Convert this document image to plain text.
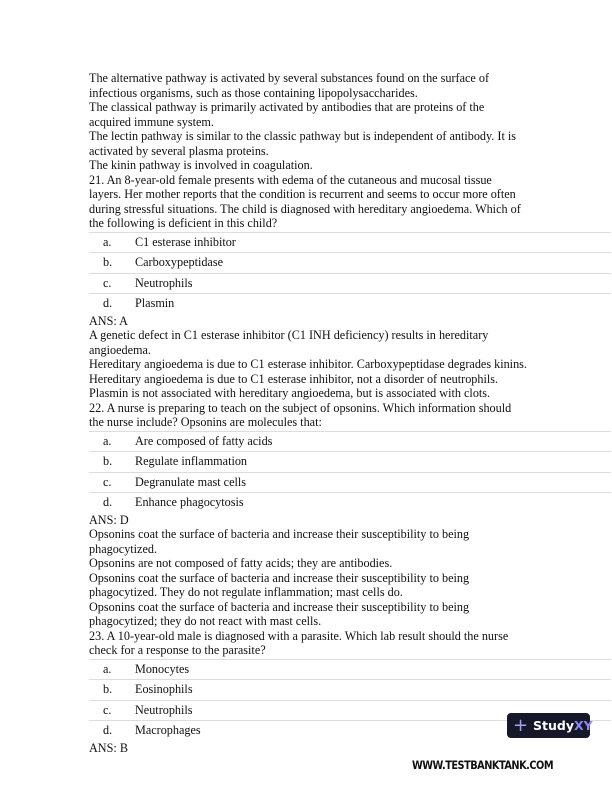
The alternative pathway is activated by several substances found on the surface of
infectious organisms, such as those containing lipopolysaccharides.
The classical pathway is primarily activated by antibodies that are proteins of the
acquired immune system.
The lectin pathway is similar to the classic pathway but is independent of antibody. It is
activated by several plasma proteins.
The kinin pathway is involved in coagulation.
21. An 8-year-old female presents with edema of the cutaneous and mucosal tissue
layers. Her mother reports that the condition is recurrent and seems to occur more often
during stressful situations. The child is diagnosed with hereditary angioedema. Which of
the following is deficient in this child?
a. C1 esterase inhibitor
b. Carboxypeptidase
c. Neutrophils
d. Plasmin
ANS: A
A genetic defect in C1 esterase inhibitor (C1 INH deficiency) results in hereditary
angioedema.
Hereditary angioedema is due to C1 esterase inhibitor. Carboxypeptidase degrades kinins.
Hereditary angioedema is due to C1 esterase inhibitor, not a disorder of neutrophils.
Plasmin is not associated with hereditary angioedema, but is associated with clots.
22. A nurse is preparing to teach on the subject of opsonins. Which information should
the nurse include? Opsonins are molecules that:
a. Are composed of fatty acids
b. Regulate inflammation
c. Degranulate mast cells
d. Enhance phagocytosis
ANS: D
Opsonins coat the surface of bacteria and increase their susceptibility to being
phagocytized.
Opsonins are not composed of fatty acids; they are antibodies.
Opsonins coat the surface of bacteria and increase their susceptibility to being
phagocytized. They do not regulate inflammation; mast cells do.
Opsonins coat the surface of bacteria and increase their susceptibility to being
phagocytized; they do not react with mast cells.
23. A 10-year-old male is diagnosed with a parasite. Which lab result should the nurse
check for a response to the parasite?
a. Monocytes
b. Eosinophils
c. Neutrophils
d. Macrophages
ANS: B
+ StudyXY
WWW.TESTBANKTANK.COM
